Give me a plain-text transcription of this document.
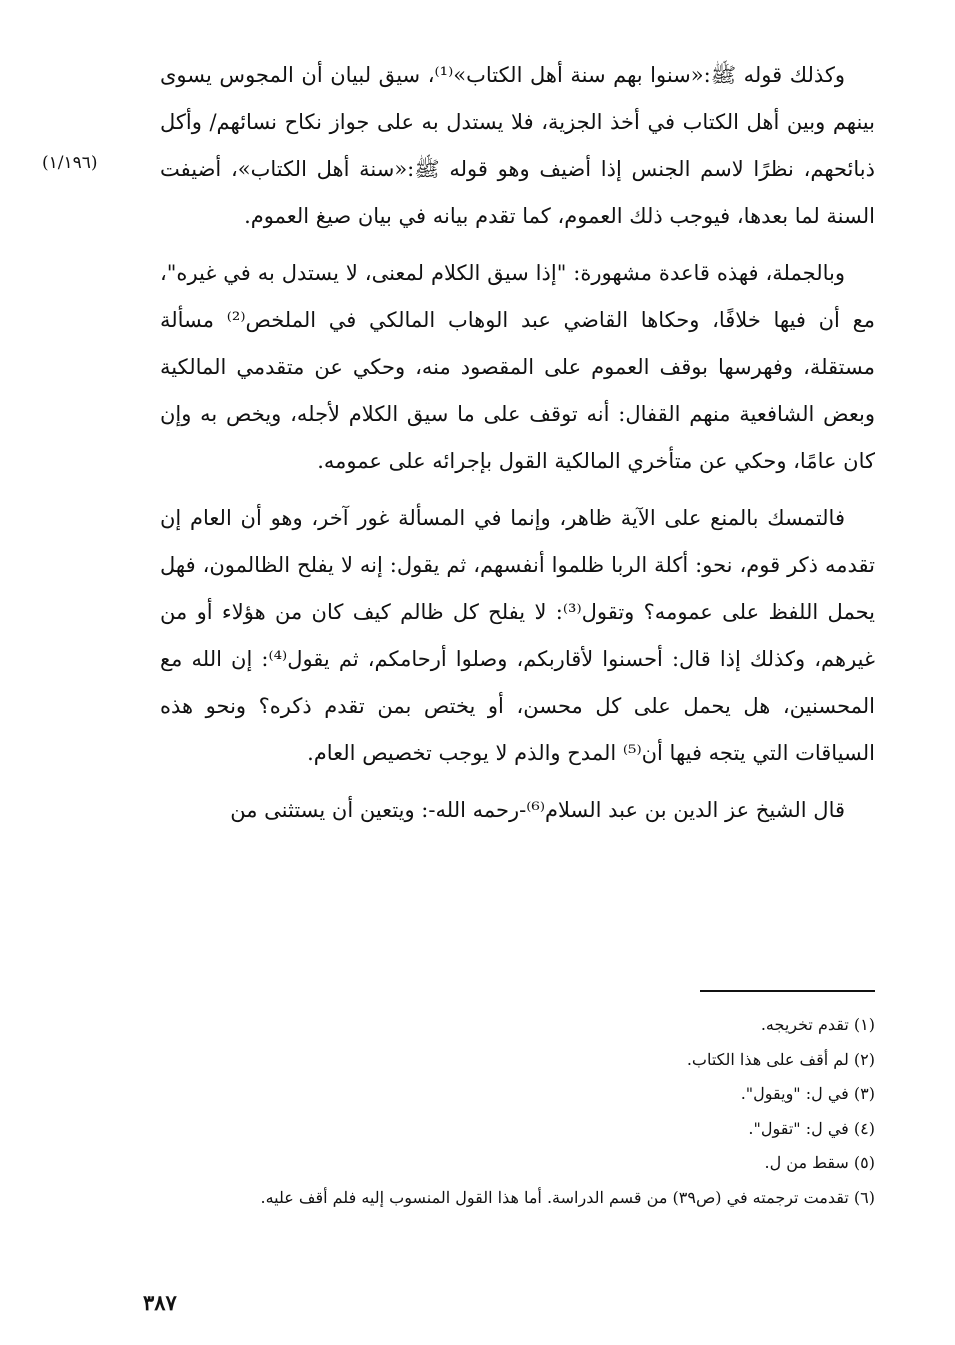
(١/١٩٦)

وكذلك قوله ﷺ:«سنوا بهم سنة أهل الكتاب»⁽¹⁾، سيق لبيان أن المجوس يسوى بينهم وبين أهل الكتاب في أخذ الجزية، فلا يستدل به على جواز نكاح نسائهم/ وأكل ذبائحهم، نظرًا لاسم الجنس إذا أضيف وهو قوله ﷺ:«سنة أهل الكتاب»، أضيفت السنة لما بعدها، فيوجب ذلك العموم، كما تقدم بيانه في بيان صيغ العموم.

وبالجملة، فهذه قاعدة مشهورة: "إذا سيق الكلام لمعنى، لا يستدل به في غيره"، مع أن فيها خلافًا، وحكاها القاضي عبد الوهاب المالكي في الملخص⁽²⁾ مسألة مستقلة، وفهرسها بوقف العموم على المقصود منه، وحكي عن متقدمي المالكية وبعض الشافعية منهم القفال: أنه توقف على ما سيق الكلام لأجله، ويخص به وإن كان عامًا، وحكي عن متأخري المالكية القول بإجرائه على عمومه.

فالتمسك بالمنع على الآية ظاهر، وإنما في المسألة غور آخر، وهو أن العام إن تقدمه ذكر قوم، نحو: أكلة الربا ظلموا أنفسهم، ثم يقول: إنه لا يفلح الظالمون، فهل يحمل اللفظ على عمومه؟ وتقول⁽³⁾: لا يفلح كل ظالم كيف كان من هؤلاء أو من غيرهم، وكذلك إذا قال: أحسنوا لأقاربكم، وصلوا أرحامكم، ثم يقول⁽⁴⁾: إن الله مع المحسنين، هل يحمل على كل محسن، أو يختص بمن تقدم ذكره؟ ونحو هذه السياقات التي يتجه فيها أن⁽⁵⁾ المدح والذم لا يوجب تخصيص العام.

قال الشيخ عز الدين بن عبد السلام⁽⁶⁾-رحمه الله-: ويتعين أن يستثنى من

(١) تقدم تخريجه.

(٢) لم أقف على هذا الكتاب.

(٣) في ل: "ويقول".

(٤) في ل: "تقول".

(٥) سقط من ل.

(٦) تقدمت ترجمته في (ص٣٩) من قسم الدراسة. أما هذا القول المنسوب إليه فلم أقف عليه.

٣٨٧
